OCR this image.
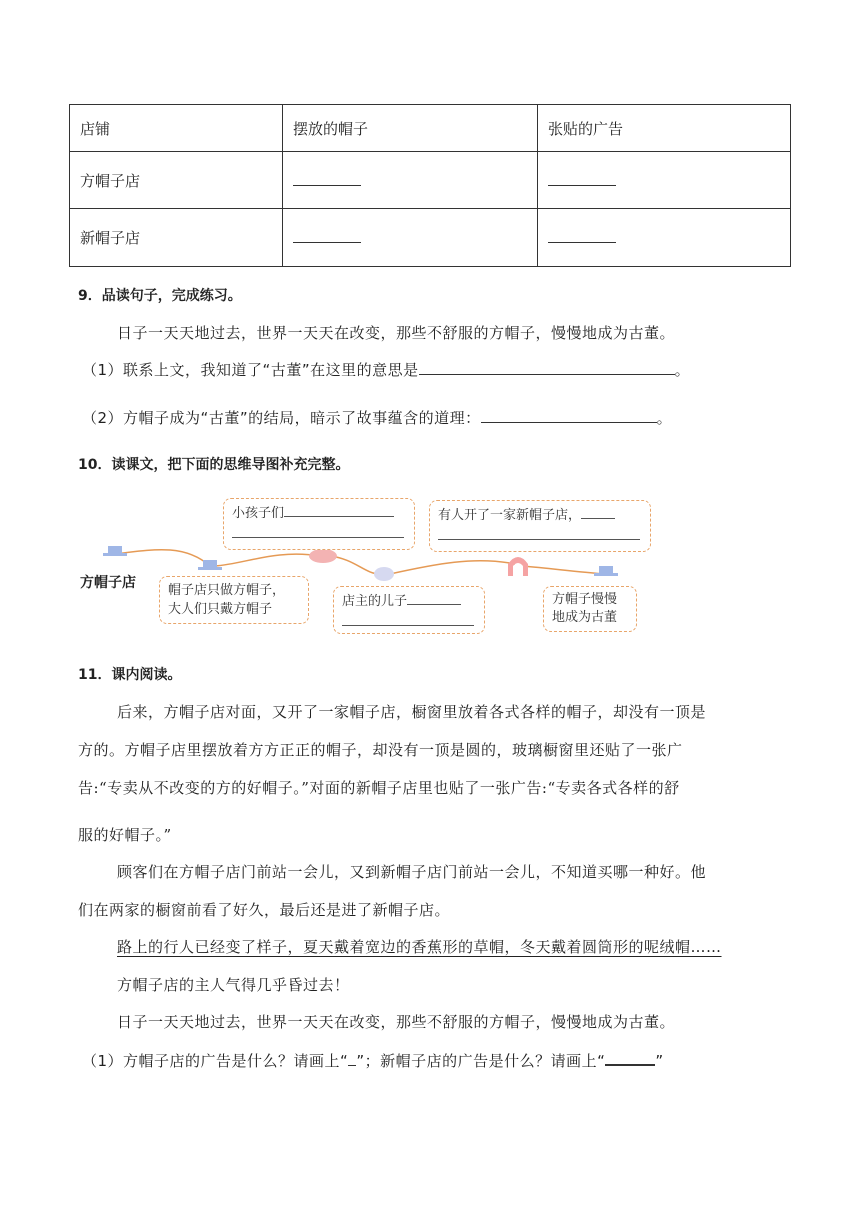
店铺	摆放的帽子	张贴的广告
方帽子店		
新帽子店		
9．品读句子，完成练习。
日子一天天地过去，世界一天天在改变，那些不舒服的方帽子，慢慢地成为古董。
（1）联系上文，我知道了“古董”在这里的意思是	。
（2）方帽子成为“古董”的结局，暗示了故事蕴含的道理：	。
10．读课文，把下面的思维导图补充完整。
方帽子店
小孩子们	有人开了一家新帽子店，

帽子店只做方帽子，
大人们只戴方帽子
店主的儿子	方帽子慢慢
地成为古董
11．课内阅读。
后来，方帽子店对面，又开了一家帽子店，橱窗里放着各式各样的帽子，却没有一顶是
方的。方帽子店里摆放着方方正正的帽子，却没有一顶是圆的，玻璃橱窗里还贴了一张广
告:“专卖从不改变的方的好帽子。”对面的新帽子店里也贴了一张广告:“专卖各式各样的舒
服的好帽子。”
顾客们在方帽子店门前站一会儿，又到新帽子店门前站一会儿，不知道买哪一种好。他
们在两家的橱窗前看了好久，最后还是进了新帽子店。
路上的行人已经变了样子，夏天戴着宽边的香蕉形的草帽，冬天戴着圆筒形的呢绒帽……
方帽子店的主人气得几乎昏过去！
日子一天天地过去，世界一天天在改变，那些不舒服的方帽子，慢慢地成为古董。
（1）方帽子店的广告是什么？请画上“ ”；新帽子店的广告是什么？请画上“	”
